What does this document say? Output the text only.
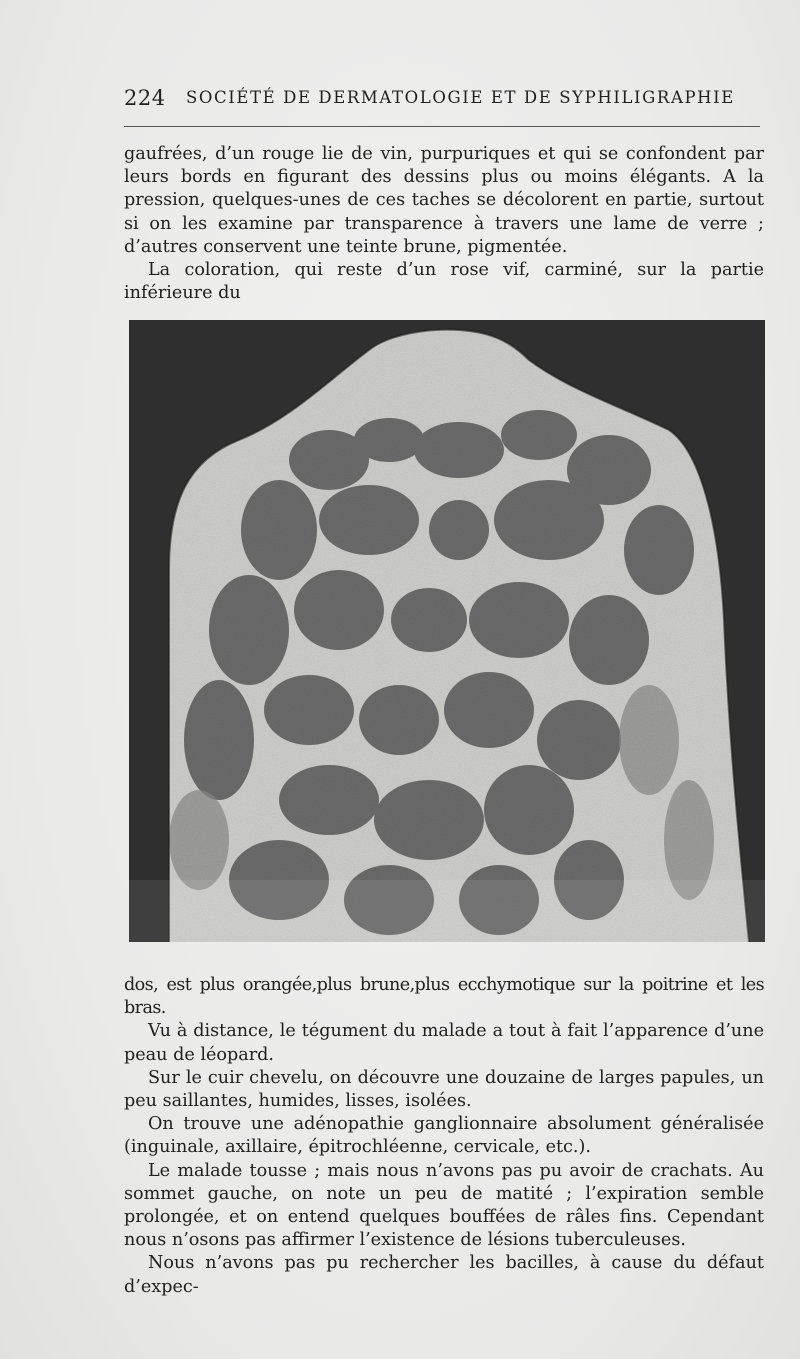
224 SOCIÉTÉ DE DERMATOLOGIE ET DE SYPHILIGRAPHIE

gaufrées, d’un rouge lie de vin, purpuriques et qui se confondent par leurs bords en figurant des dessins plus ou moins élégants. A la pression, quelques-unes de ces taches se décolorent en partie, surtout si on les examine par transparence à travers une lame de verre ; d’autres conservent une teinte brune, pigmentée.

La coloration, qui reste d’un rose vif, carminé, sur la partie inférieure du

dos, est plus orangée,plus brune,plus ecchymotique sur la poitrine et les bras.

Vu à distance, le tégument du malade a tout à fait l’apparence d’une peau de léopard.

Sur le cuir chevelu, on découvre une douzaine de larges papules, un peu saillantes, humides, lisses, isolées.

On trouve une adénopathie ganglionnaire absolument généralisée (inguinale, axillaire, épitrochléenne, cervicale, etc.).

Le malade tousse ; mais nous n’avons pas pu avoir de crachats. Au sommet gauche, on note un peu de matité ; l’expiration semble prolongée, et on entend quelques bouffées de râles fins. Cependant nous n’osons pas affirmer l’existence de lésions tuberculeuses.

Nous n’avons pas pu rechercher les bacilles, à cause du défaut d’expec-
